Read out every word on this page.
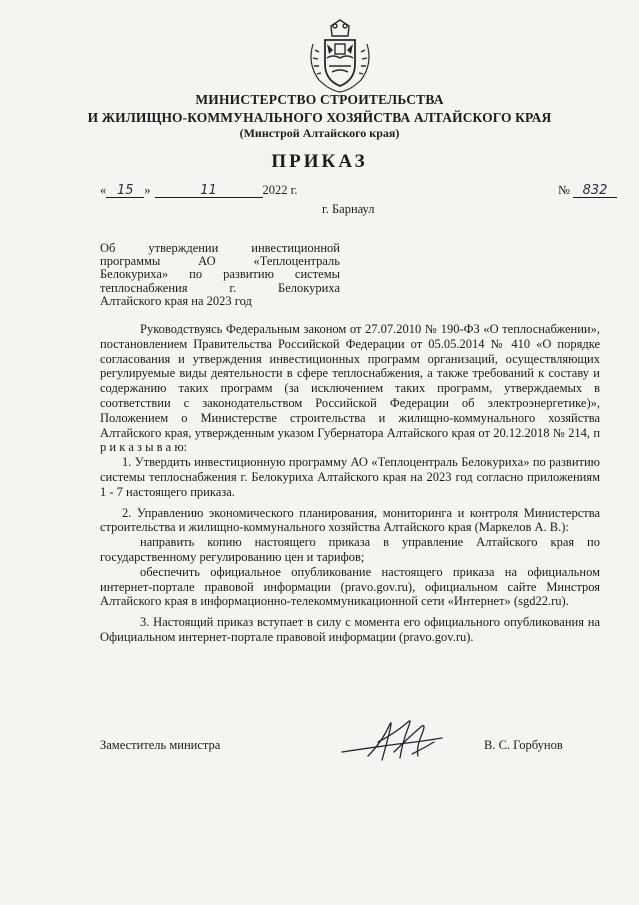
МИНИСТЕРСТВО СТРОИТЕЛЬСТВА
И ЖИЛИЩНО-КОММУНАЛЬНОГО ХОЗЯЙСТВА АЛТАЙСКОГО КРАЯ
(Минстрой Алтайского края)
ПРИКАЗ
« 15 »	11	2022 г.	№ 832
г. Барнаул
Об утверждении инвестиционной
программы АО «Теплоцентраль
Белокуриха» по развитию системы
теплоснабжения г. Белокуриха
Алтайского края на 2023 год

Руководствуясь Федеральным законом от 27.07.2010 № 190-ФЗ «О теплоснабжении», постановлением Правительства Российской Федерации от 05.05.2014 № 410 «О порядке согласования и утверждения инвестиционных программ организаций, осуществляющих регулируемые виды деятельности в сфере теплоснабжения, а также требований к составу и содержанию таких программ (за исключением таких программ, утверждаемых в соответствии с законодательством Российской Федерации об электроэнергетике)», Положением о Министерстве строительства и жилищно-коммунального хозяйства Алтайского края, утвержденным указом Губернатора Алтайского края от 20.12.2018 № 214, п р и к а з ы в а ю:

1. Утвердить инвестиционную программу АО «Теплоцентраль Белокуриха» по развитию системы теплоснабжения г. Белокуриха Алтайского края на 2023 год согласно приложениям 1 - 7 настоящего приказа.

2. Управлению экономического планирования, мониторинга и контроля Министерства строительства и жилищно-коммунального хозяйства Алтайского края (Маркелов А. В.):

направить копию настоящего приказа в управление Алтайского края по государственному регулированию цен и тарифов;

обеспечить официальное опубликование настоящего приказа на официальном интернет-портале правовой информации (pravo.gov.ru), официальном сайте Минстроя Алтайского края в информационно-телекоммуникационной сети «Интернет» (sgd22.ru).

3. Настоящий приказ вступает в силу с момента его официального опубликования на Официальном интернет-портале правовой информации (pravo.gov.ru).

Заместитель министра	В. С. Горбунов
